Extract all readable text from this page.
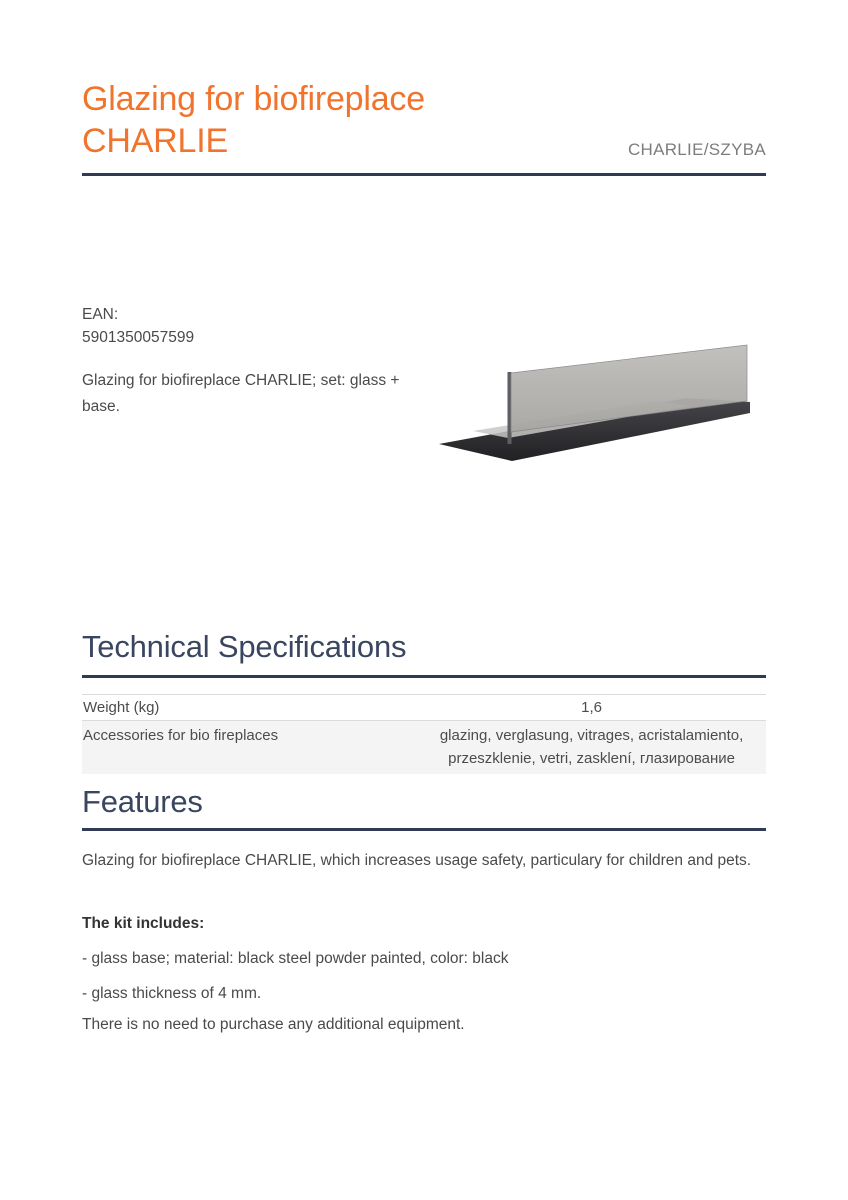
Glazing for biofireplace
CHARLIE	CHARLIE/SZYBA
EAN:
5901350057599
Glazing for biofireplace CHARLIE; set: glass + base.
Technical Specifications
Weight (kg)	1,6
Accessories for bio fireplaces	glazing, verglasung, vitrages, acristalamiento, przeszklenie, vetri, zasklení, глазирование
Features

Glazing for biofireplace CHARLIE, which increases usage safety, particulary for children and pets.

The kit includes:

- glass base; material: black steel powder painted, color: black

- glass thickness of 4 mm.

There is no need to purchase any additional equipment.
